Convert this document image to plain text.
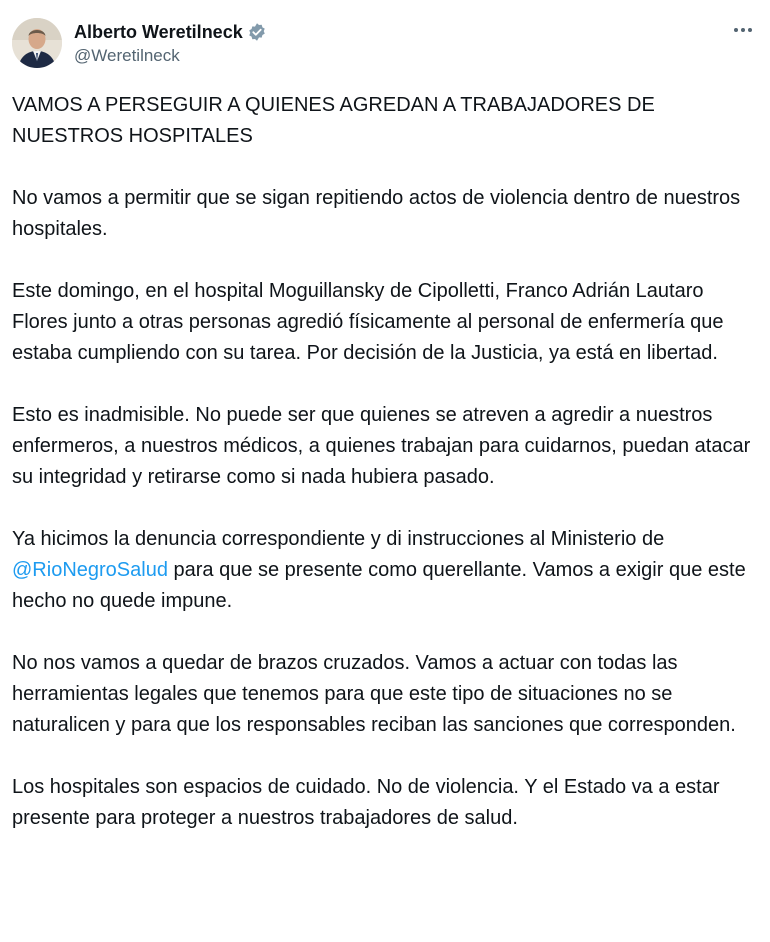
Alberto Weretilneck
@Weretilneck

VAMOS A PERSEGUIR A QUIENES AGREDAN A TRABAJADORES DE NUESTROS HOSPITALES

No vamos a permitir que se sigan repitiendo actos de violencia dentro de nuestros hospitales.

Este domingo, en el hospital Moguillansky de Cipolletti, Franco Adrián Lautaro Flores junto a otras personas agredió físicamente al personal de enfermería que estaba cumpliendo con su tarea. Por decisión de la Justicia, ya está en libertad.

Esto es inadmisible. No puede ser que quienes se atreven a agredir a nuestros enfermeros, a nuestros médicos, a quienes trabajan para cuidarnos, puedan atacar su integridad y retirarse como si nada hubiera pasado.

Ya hicimos la denuncia correspondiente y di instrucciones al Ministerio de @RioNegroSalud para que se presente como querellante. Vamos a exigir que este hecho no quede impune.

No nos vamos a quedar de brazos cruzados. Vamos a actuar con todas las herramientas legales que tenemos para que este tipo de situaciones no se naturalicen y para que los responsables reciban las sanciones que corresponden.

Los hospitales son espacios de cuidado. No de violencia. Y el Estado va a estar presente para proteger a nuestros trabajadores de salud.
